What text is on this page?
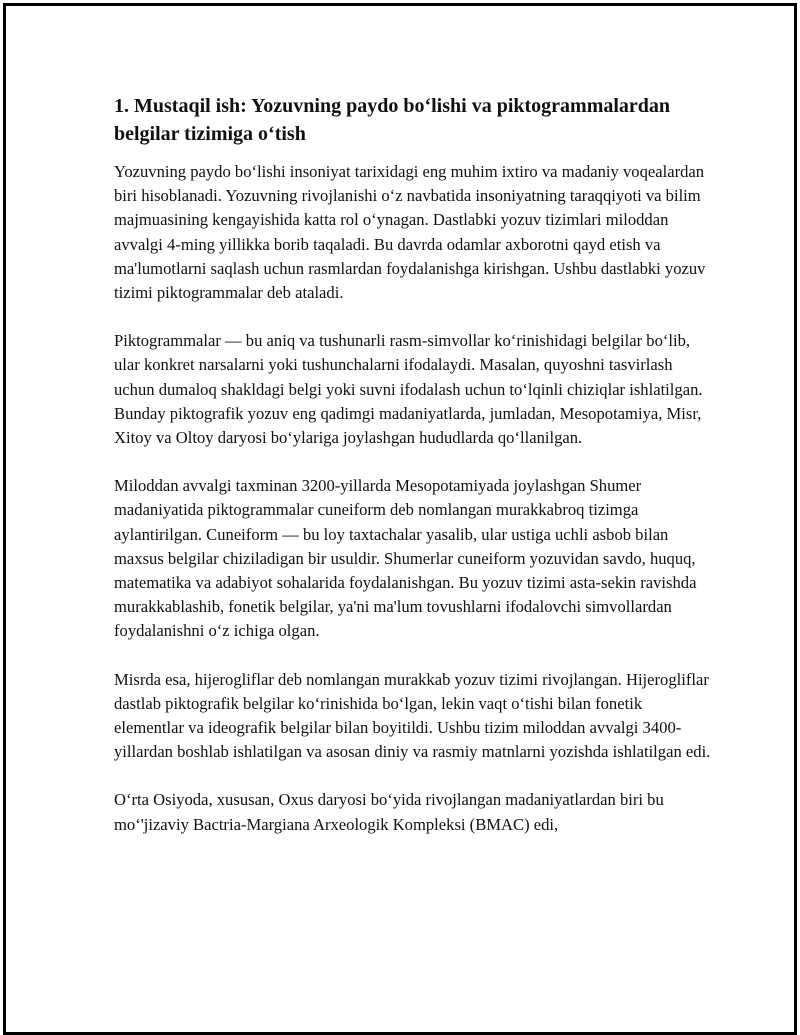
1. Mustaqil ish: Yozuvning paydo bo‘lishi va piktogrammalardan belgilar tizimiga o‘tish

Yozuvning paydo bo‘lishi insoniyat tarixidagi eng muhim ixtiro va madaniy voqealardan biri hisoblanadi. Yozuvning rivojlanishi o‘z navbatida insoniyatning taraqqiyoti va bilim majmuasining kengayishida katta rol o‘ynagan. Dastlabki yozuv tizimlari miloddan avvalgi 4-ming yillikka borib taqaladi. Bu davrda odamlar axborotni qayd etish va ma'lumotlarni saqlash uchun rasmlardan foydalanishga kirishgan. Ushbu dastlabki yozuv tizimi piktogrammalar deb ataladi.

Piktogrammalar — bu aniq va tushunarli rasm-simvollar ko‘rinishidagi belgilar bo‘lib, ular konkret narsalarni yoki tushunchalarni ifodalaydi. Masalan, quyoshni tasvirlash uchun dumaloq shakldagi belgi yoki suvni ifodalash uchun to‘lqinli chiziqlar ishlatilgan. Bunday piktografik yozuv eng qadimgi madaniyatlarda, jumladan, Mesopotamiya, Misr, Xitoy va Oltoy daryosi bo‘ylariga joylashgan hududlarda qo‘llanilgan.

Miloddan avvalgi taxminan 3200-yillarda Mesopotamiyada joylashgan Shumer madaniyatida piktogrammalar cuneiform deb nomlangan murakkabroq tizimga aylantirilgan. Cuneiform — bu loy taxtachalar yasalib, ular ustiga uchli asbob bilan maxsus belgilar chiziladigan bir usuldir. Shumerlar cuneiform yozuvidan savdo, huquq, matematika va adabiyot sohalarida foydalanishgan. Bu yozuv tizimi asta-sekin ravishda murakkablashib, fonetik belgilar, ya'ni ma'lum tovushlarni ifodalovchi simvollardan foydalanishni o‘z ichiga olgan.

Misrda esa, hijerogliflar deb nomlangan murakkab yozuv tizimi rivojlangan. Hijerogliflar dastlab piktografik belgilar ko‘rinishida bo‘lgan, lekin vaqt o‘tishi bilan fonetik elementlar va ideografik belgilar bilan boyitildi. Ushbu tizim miloddan avvalgi 3400-yillardan boshlab ishlatilgan va asosan diniy va rasmiy matnlarni yozishda ishlatilgan edi.

O‘rta Osiyoda, xususan, Oxus daryosi bo‘yida rivojlangan madaniyatlardan biri bu mo‘'jizaviy Bactria-Margiana Arxeologik Kompleksi (BMAC) edi,
